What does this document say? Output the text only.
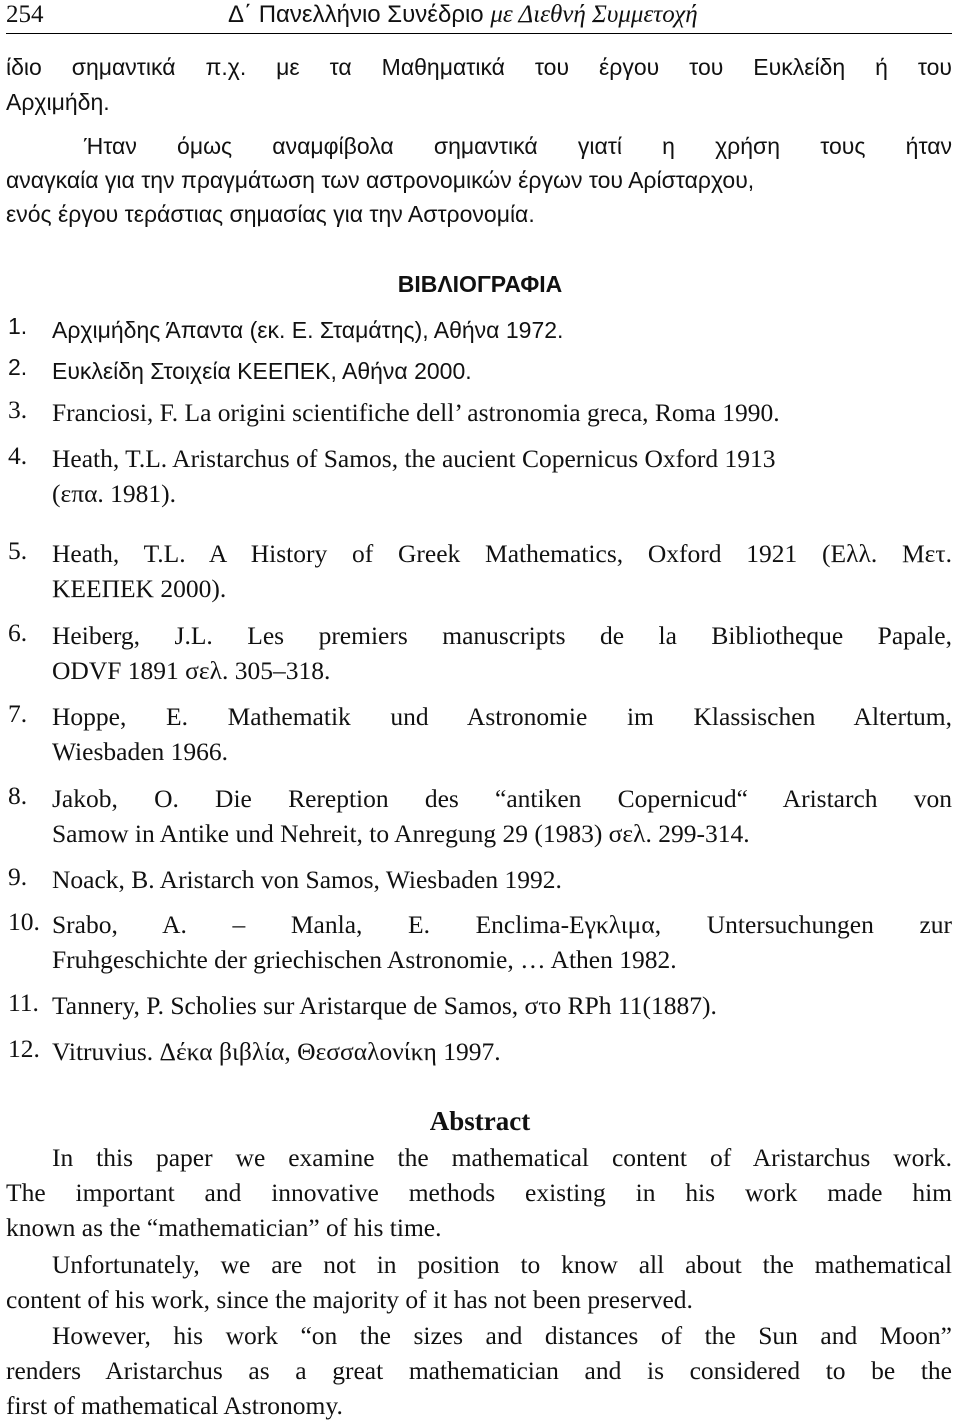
254	Δ΄ Πανελλήνιο Συνέδριο με Διεθνή Συμμετοχή
ίδιο σημαντικά π.χ. με τα Μαθηματικά του έργου του Ευκλείδη ή του
Αρχιμήδη.
Ήταν όμως αναμφίβολα σημαντικά γιατί η χρήση τους ήταν
αναγκαία για την πραγμάτωση των αστρονομικών έργων του Αρίσταρχου,
ενός έργου τεράστιας σημασίας για την Αστρονομία.
ΒΙΒΛΙΟΓΡΑΦΙΑ
1. Αρχιμήδης Άπαντα (εκ. Ε. Σταμάτης), Αθήνα 1972.
2. Ευκλείδη Στοιχεία ΚΕΕΠΕΚ, Αθήνα 2000.
3. Franciosi, F. La origini scientifiche dell’ astronomia greca, Roma 1990.
4. Heath, T.L. Aristarchus of Samos, the aucient Copernicus Oxford 1913
(επα. 1981).
5. Heath, T.L. A History of Greek Mathematics, Oxford 1921 (Ελλ. Μετ.
ΚΕΕΠΕΚ 2000).
6. Heiberg, J.L. Les premiers manuscripts de la Bibliotheque Papale,
ODVF 1891 σελ. 305–318.
7. Hoppe, E. Mathematik und Astronomie im Klassischen Altertum,
Wiesbaden 1966.
8. Jakob, O. Die Rereption des “antiken Copernicud“ Aristarch von
Samow in Antike und Nehreit, to Anregung 29 (1983) σελ. 299-314.
9. Noack, B. Aristarch von Samos, Wiesbaden 1992.
10. Srabo, A. – Manla, E. Enclima-Εγκλιμα, Untersuchungen zur
Fruhgeschichte der griechischen Astronomie, … Athen 1982.
11. Tannery, P. Scholies sur Aristarque de Samos, στο RPh 11(1887).
12. Vitruvius. Δέκα βιβλία, Θεσσαλονίκη 1997.
Abstract
In this paper we examine the mathematical content of Aristarchus work.
The important and innovative methods existing in his work made him
known as the “mathematician” of his time.
Unfortunately, we are not in position to know all about the mathematical
content of his work, since the majority of it has not been preserved.
However, his work “on the sizes and distances of the Sun and Moon”
renders Aristarchus as a great mathematician and is considered to be the
first of mathematical Astronomy.
